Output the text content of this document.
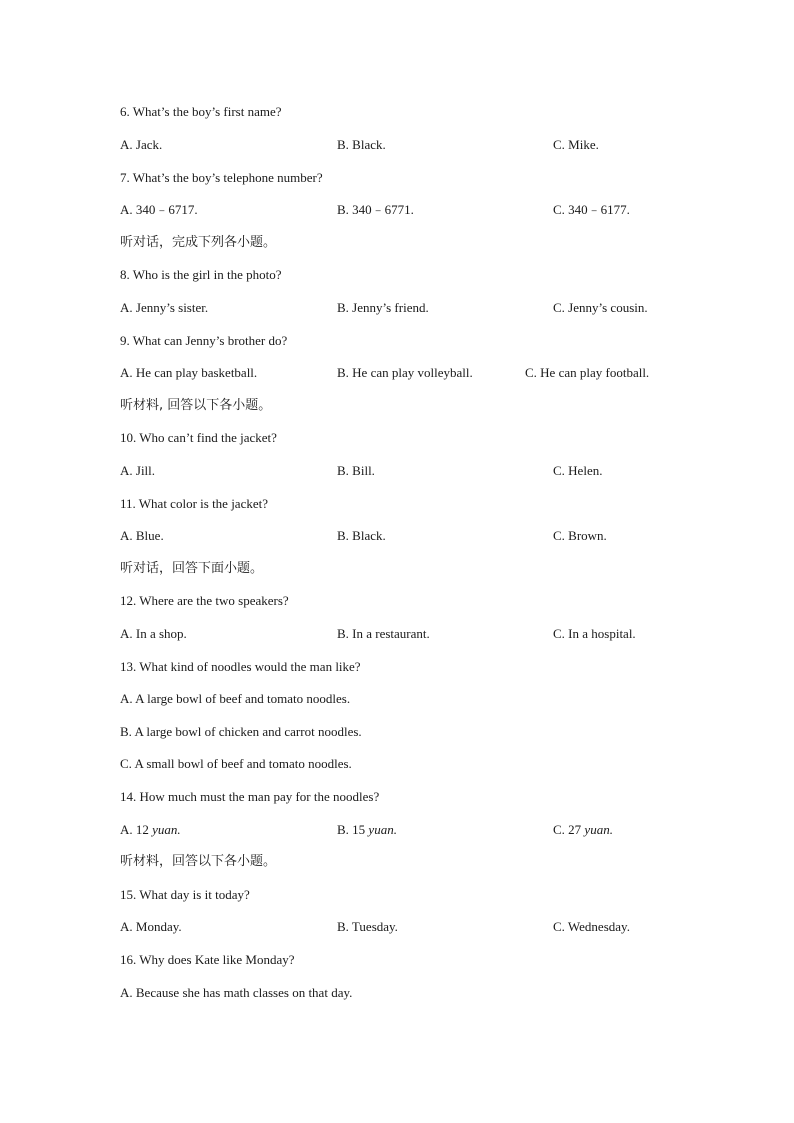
6. What’s the boy’s first name?
A. Jack.	B. Black.	C. Mike.
7. What’s the boy’s telephone number?
A. 340﹣6717.	B. 340﹣6771.	C. 340﹣6177.
听对话，完成下列各小题。
8. Who is the girl in the photo?
A. Jenny’s sister.	B. Jenny’s friend.	C. Jenny’s cousin.
9. What can Jenny’s brother do?
A. He can play basketball.	B. He can play volleyball.	C. He can play football.
听材料, 回答以下各小题。
10. Who can’t find the jacket?
A. Jill.	B. Bill.	C. Helen.
11. What color is the jacket?
A. Blue.	B. Black.	C. Brown.
听对话，回答下面小题。
12. Where are the two speakers?
A. In a shop.	B. In a restaurant.	C. In a hospital.
13. What kind of noodles would the man like?
A. A large bowl of beef and tomato noodles.
B. A large bowl of chicken and carrot noodles.
C. A small bowl of beef and tomato noodles.
14. How much must the man pay for the noodles?
A. 12 yuan.	B. 15 yuan.	C. 27 yuan.
听材料，回答以下各小题。
15. What day is it today?
A. Monday.	B. Tuesday.	C. Wednesday.
16. Why does Kate like Monday?
A. Because she has math classes on that day.
